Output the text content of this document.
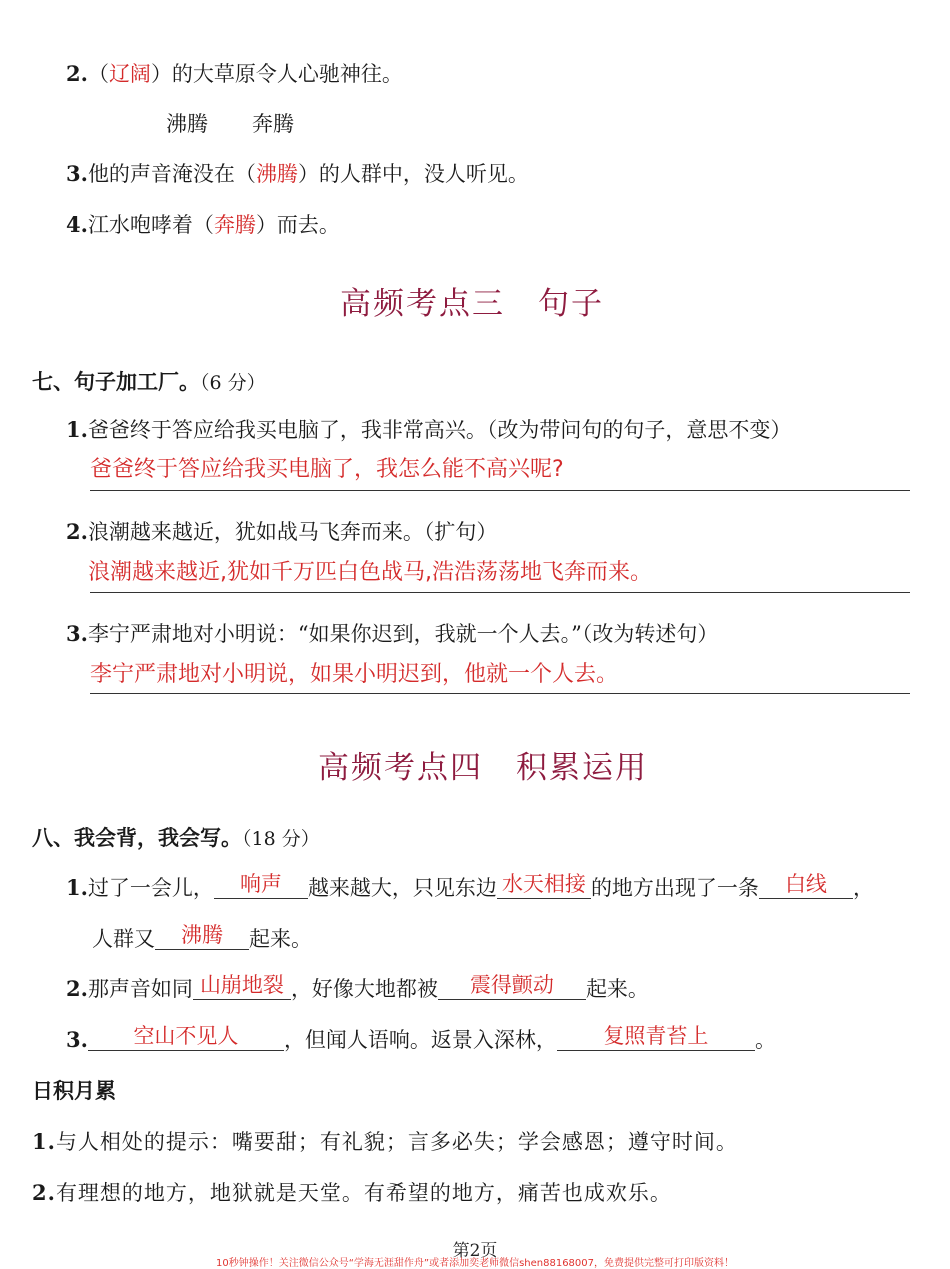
2.（辽阔）的大草原令人心驰神往。
沸腾 奔腾
3.他的声音淹没在（沸腾）的人群中，没人听见。
4.江水咆哮着（奔腾）而去。
高频考点三　句子
七、句子加工厂。（6 分）
1.爸爸终于答应给我买电脑了，我非常高兴。（改为带问句的句子，意思不变）
爸爸终于答应给我买电脑了，我怎么能不高兴呢?
2.浪潮越来越近，犹如战马飞奔而来。（扩句）
浪潮越来越近,犹如千万匹白色战马,浩浩荡荡地飞奔而来。
3.李宁严肃地对小明说：“如果你迟到，我就一个人去。”（改为转述句）
李宁严肃地对小明说，如果小明迟到，他就一个人去。
高频考点四　积累运用
八、我会背，我会写。（18 分）
1.过了一会儿， 响声 越来越大，只见东边 水天相接 的地方出现了一条 白线 ，
人群又 沸腾 起来。
2.那声音如同 山崩地裂 ，好像大地都被 震得颤动 起来。
3. 空山不见人 ，但闻人语响。返景入深林， 复照青苔上 。
日积月累
1.与人相处的提示：嘴要甜；有礼貌；言多必失；学会感恩；遵守时间。
2.有理想的地方，地狱就是天堂。有希望的地方，痛苦也成欢乐。
第2页
10秒钟操作！关注微信公众号“学海无涯甜作舟”或者添加奕老师微信shen88168007，免费提供完整可打印版资料！
